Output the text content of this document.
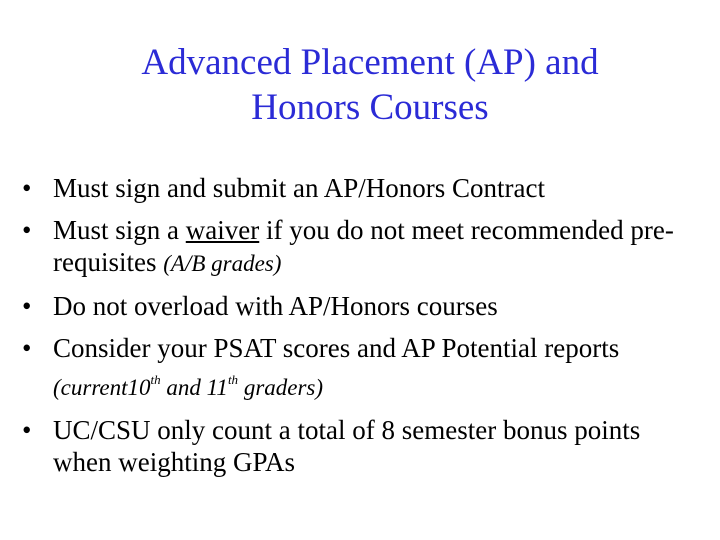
Advanced Placement (AP) and
Honors Courses
• Must sign and submit an AP/Honors Contract
• Must sign a waiver if you do not meet recommended pre-requisites (A/B grades)
• Do not overload with AP/Honors courses
• Consider your PSAT scores and AP Potential reports (current10th and 11th graders)
• UC/CSU only count a total of 8 semester bonus points when weighting GPAs
